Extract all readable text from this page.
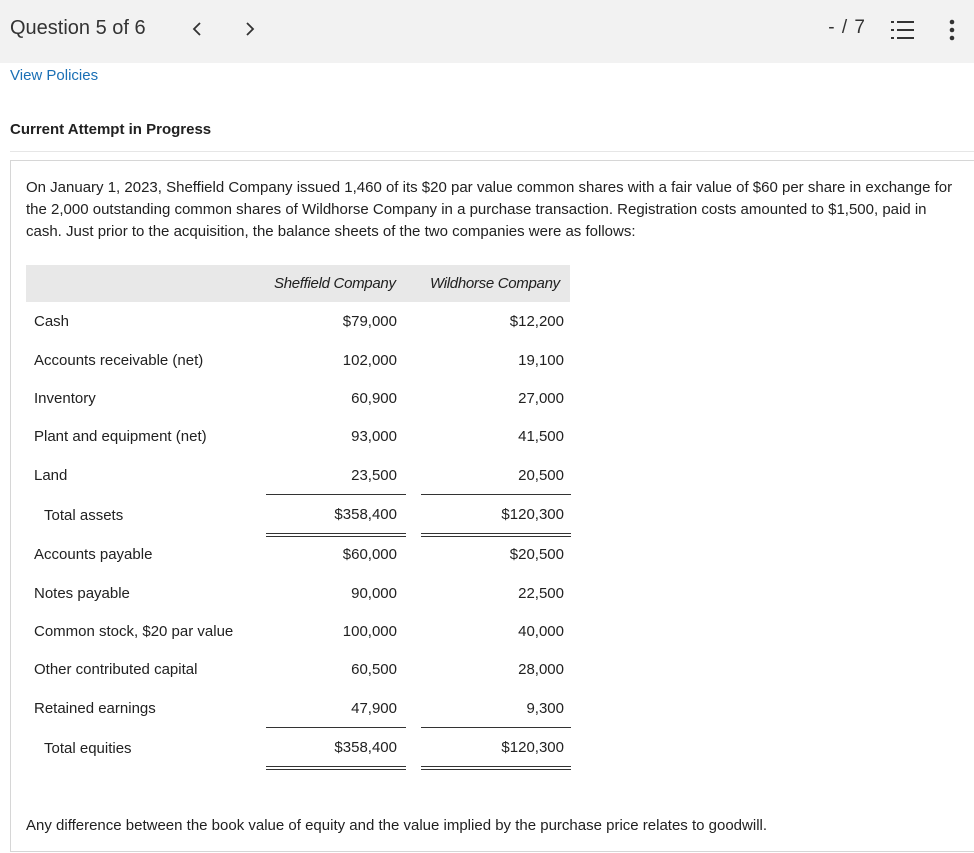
Question 5 of 6	- / 7
View Policies
Current Attempt in Progress
On January 1, 2023, Sheffield Company issued 1,460 of its $20 par value common shares with a fair value of $60 per share in exchange for the 2,000 outstanding common shares of Wildhorse Company in a purchase transaction. Registration costs amounted to $1,500, paid in cash. Just prior to the acquisition, the balance sheets of the two companies were as follows:
Sheffield Company Wildhorse Company
Cash	$79,000	$12,200
Accounts receivable (net)	102,000	19,100
Inventory	60,900	27,000
Plant and equipment (net)	93,000	41,500
Land	23,500	20,500
Total assets	$358,400	$120,300
Accounts payable	$60,000	$20,500
Notes payable	90,000	22,500
Common stock, $20 par value	100,000	40,000
Other contributed capital	60,500	28,000
Retained earnings	47,900	9,300
Total equities	$358,400	$120,300
Any difference between the book value of equity and the value implied by the purchase price relates to goodwill.
